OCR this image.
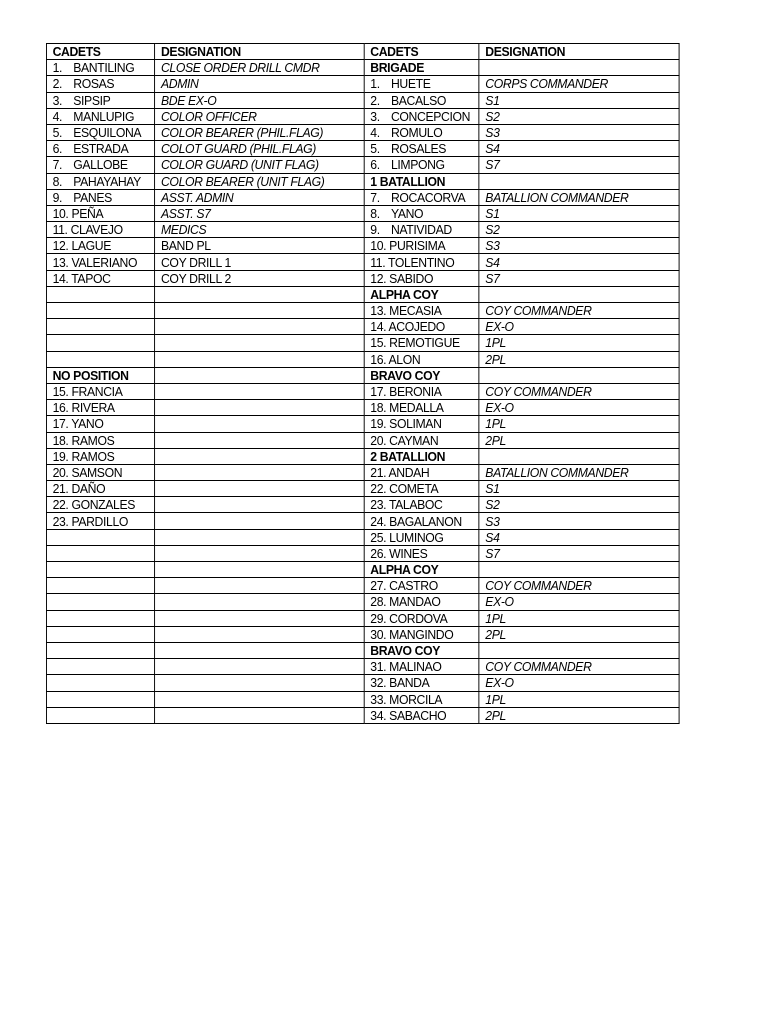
CADETS	DESIGNATION	CADETS	DESIGNATION
1. BANTILING	CLOSE ORDER DRILL CMDR	BRIGADE	
2. ROSAS	ADMIN	1. HUETE	CORPS COMMANDER
3. SIPSIP	BDE EX-O	2. BACALSO	S1
4. MANLUPIG	COLOR OFFICER	3. CONCEPCION	S2
5. ESQUILONA	COLOR BEARER (PHIL.FLAG)	4. ROMULO	S3
6. ESTRADA	COLOT GUARD (PHIL.FLAG)	5. ROSALES	S4
7. GALLOBE	COLOR GUARD (UNIT FLAG)	6. LIMPONG	S7
8. PAHAYAHAY	COLOR BEARER (UNIT FLAG)	1 BATALLION	
9. PANES	ASST. ADMIN	7. ROCACORVA	BATALLION COMMANDER
10. PEÑA	ASST. S7	8. YANO	S1
11. CLAVEJO	MEDICS	9. NATIVIDAD	S2
12. LAGUE	BAND PL	10. PURISIMA	S3
13. VALERIANO	COY DRILL 1	11. TOLENTINO	S4
14. TAPOC	COY DRILL 2	12. SABIDO	S7
		ALPHA COY	
		13. MECASIA	COY COMMANDER
		14. ACOJEDO	EX-O
		15. REMOTIGUE	1PL
		16. ALON	2PL
NO POSITION		BRAVO COY	
15. FRANCIA		17. BERONIA	COY COMMANDER
16. RIVERA		18. MEDALLA	EX-O
17. YANO		19. SOLIMAN	1PL
18. RAMOS		20. CAYMAN	2PL
19. RAMOS		2 BATALLION	
20. SAMSON		21. ANDAH	BATALLION COMMANDER
21. DAÑO		22. COMETA	S1
22. GONZALES		23. TALABOC	S2
23. PARDILLO		24. BAGALANON	S3
		25. LUMINOG	S4
		26. WINES	S7
		ALPHA COY	
		27. CASTRO	COY COMMANDER
		28. MANDAO	EX-O
		29. CORDOVA	1PL
		30. MANGINDO	2PL
		BRAVO COY	
		31. MALINAO	COY COMMANDER
		32. BANDA	EX-O
		33. MORCILA	1PL
		34. SABACHO	2PL
